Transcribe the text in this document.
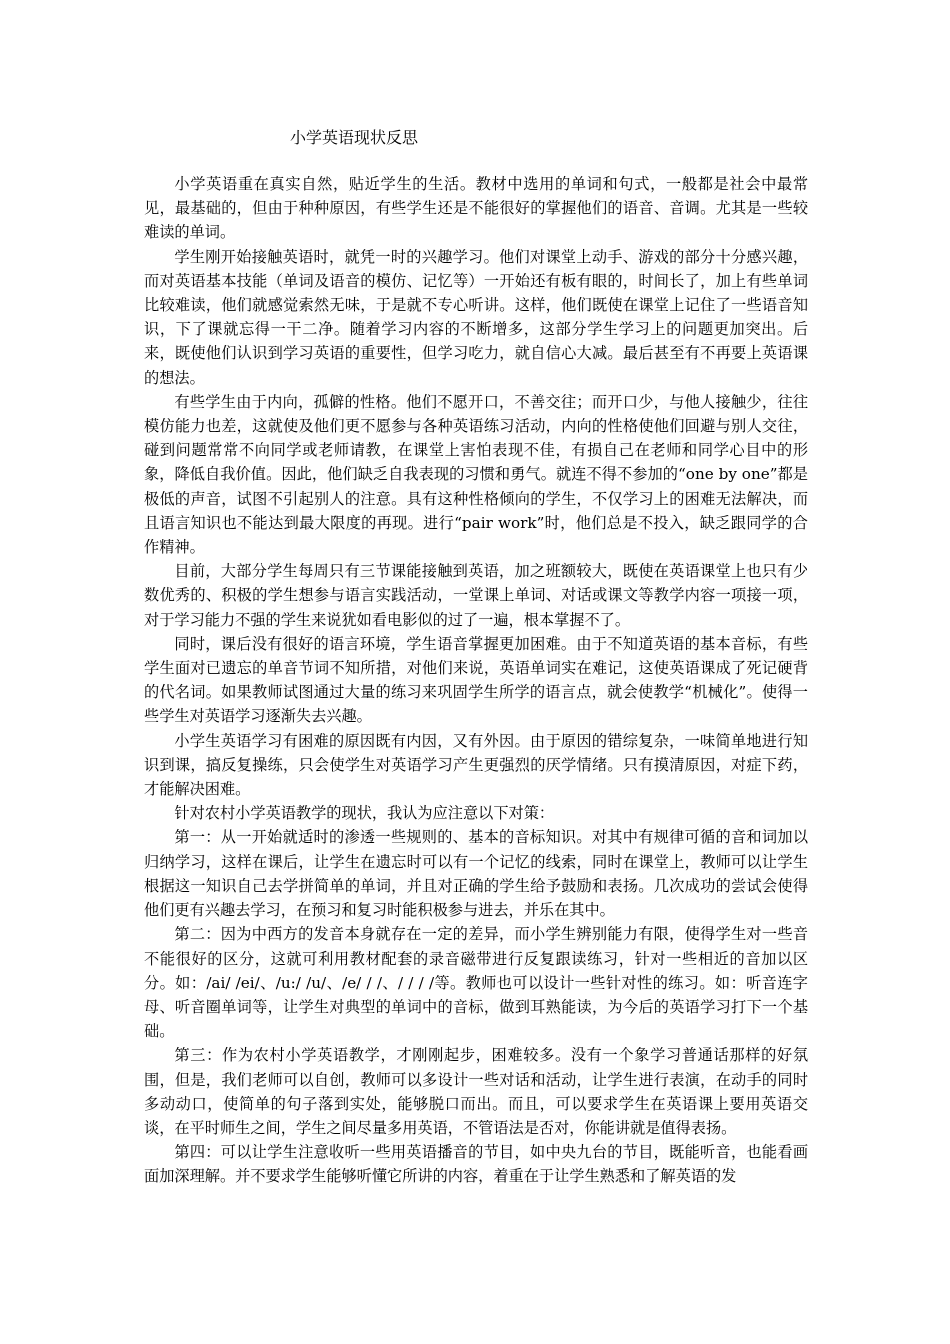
小学英语现状反思

小学英语重在真实自然，贴近学生的生活。教材中选用的单词和句式，一般都是社会中最常见，最基础的，但由于种种原因，有些学生还是不能很好的掌握他们的语音、音调。尤其是一些较难读的单词。

学生刚开始接触英语时，就凭一时的兴趣学习。他们对课堂上动手、游戏的部分十分感兴趣，而对英语基本技能（单词及语音的模仿、记忆等）一开始还有板有眼的，时间长了，加上有些单词比较难读，他们就感觉索然无味，于是就不专心听讲。这样，他们既使在课堂上记住了一些语音知识，下了课就忘得一干二净。随着学习内容的不断增多，这部分学生学习上的问题更加突出。后来，既使他们认识到学习英语的重要性，但学习吃力，就自信心大减。最后甚至有不再要上英语课的想法。

有些学生由于内向，孤僻的性格。他们不愿开口，不善交往；而开口少，与他人接触少，往往模仿能力也差，这就使及他们更不愿参与各种英语练习活动，内向的性格使他们回避与别人交往，碰到问题常常不向同学或老师请教，在课堂上害怕表现不佳，有损自己在老师和同学心目中的形象，降低自我价值。因此，他们缺乏自我表现的习惯和勇气。就连不得不参加的“one by one”都是极低的声音，试图不引起别人的注意。具有这种性格倾向的学生，不仅学习上的困难无法解决，而且语言知识也不能达到最大限度的再现。进行“pair work”时，他们总是不投入，缺乏跟同学的合作精神。

目前，大部分学生每周只有三节课能接触到英语，加之班额较大，既使在英语课堂上也只有少数优秀的、积极的学生想参与语言实践活动，一堂课上单词、对话或课文等教学内容一项接一项，对于学习能力不强的学生来说犹如看电影似的过了一遍，根本掌握不了。

同时，课后没有很好的语言环境，学生语音掌握更加困难。由于不知道英语的基本音标，有些学生面对已遗忘的单音节词不知所措，对他们来说，英语单词实在难记，这使英语课成了死记硬背的代名词。如果教师试图通过大量的练习来巩固学生所学的语言点，就会使教学“机械化”。使得一些学生对英语学习逐渐失去兴趣。

小学生英语学习有困难的原因既有内因，又有外因。由于原因的错综复杂，一味简单地进行知识到课，搞反复操练，只会使学生对英语学习产生更强烈的厌学情绪。只有摸清原因，对症下药，才能解决困难。

针对农村小学英语教学的现状，我认为应注意以下对策：

第一：从一开始就适时的渗透一些规则的、基本的音标知识。对其中有规律可循的音和词加以归纳学习，这样在课后，让学生在遗忘时可以有一个记忆的线索，同时在课堂上，教师可以让学生根据这一知识自己去学拼简单的单词，并且对正确的学生给予鼓励和表扬。几次成功的尝试会使得他们更有兴趣去学习，在预习和复习时能积极参与进去，并乐在其中。

第二：因为中西方的发音本身就存在一定的差异，而小学生辨别能力有限，使得学生对一些音不能很好的区分，这就可利用教材配套的录音磁带进行反复跟读练习，针对一些相近的音加以区分。如：/ai/ /ei/、/u:/ /u/、/e/ / /、/ / / /等。教师也可以设计一些针对性的练习。如：听音连字母、听音圈单词等，让学生对典型的单词中的音标，做到耳熟能读，为今后的英语学习打下一个基础。

第三：作为农村小学英语教学，才刚刚起步，困难较多。没有一个象学习普通话那样的好氛围，但是，我们老师可以自创，教师可以多设计一些对话和活动，让学生进行表演，在动手的同时多动动口，使简单的句子落到实处，能够脱口而出。而且，可以要求学生在英语课上要用英语交谈，在平时师生之间，学生之间尽量多用英语，不管语法是否对，你能讲就是值得表扬。

第四：可以让学生注意收听一些用英语播音的节目，如中央九台的节目，既能听音，也能看画面加深理解。并不要求学生能够听懂它所讲的内容，着重在于让学生熟悉和了解英语的发
